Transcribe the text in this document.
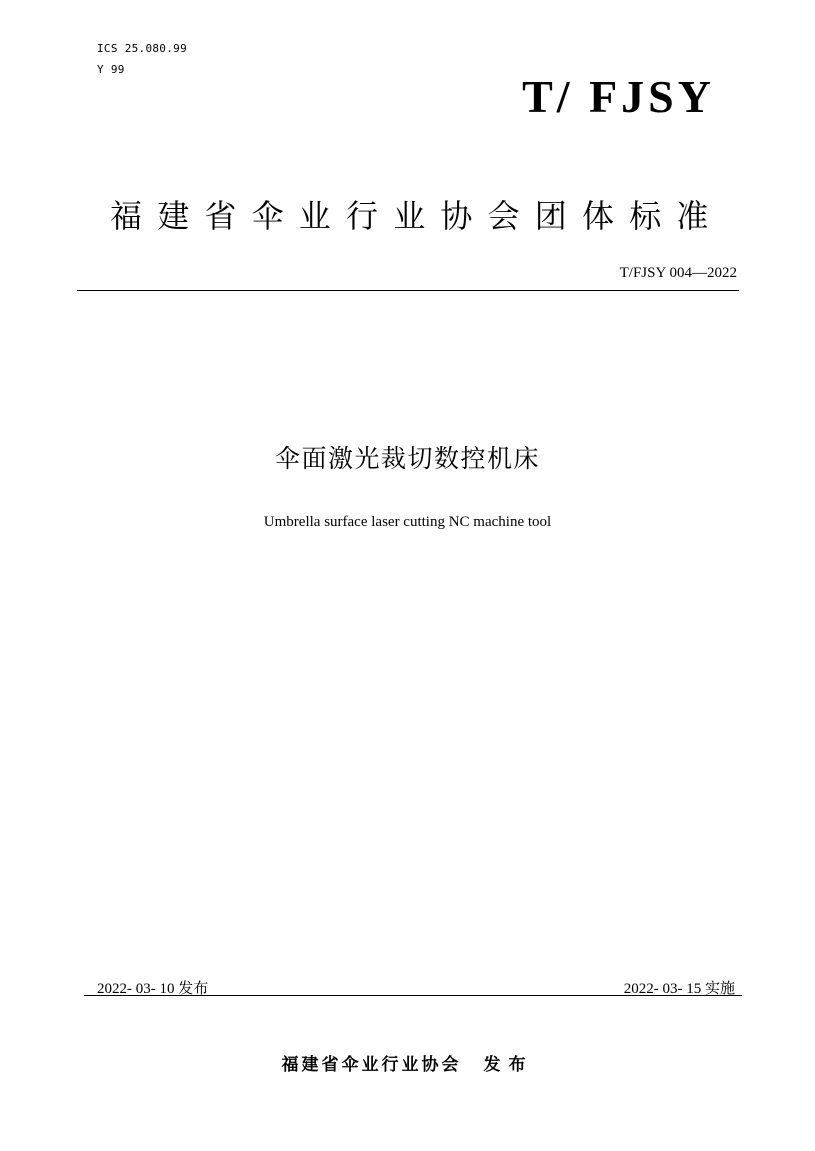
ICS 25.080.99
Y 99
T/ FJSY
福建省伞业行业协会团体标准
T/FJSY 004—2022
伞面激光裁切数控机床
Umbrella surface laser cutting NC machine tool
2022- 03- 10 发布	2022- 03- 15 实施
福建省伞业行业协会 发布
